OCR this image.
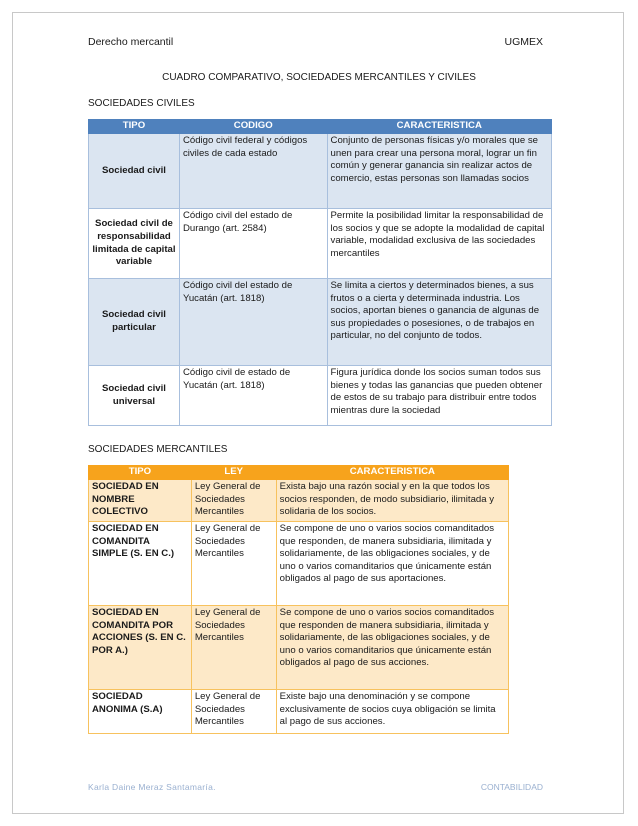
Derecho mercantil	UGMEX
CUADRO COMPARATIVO, SOCIEDADES MERCANTILES Y CIVILES
SOCIEDADES CIVILES
TIPO	CODIGO	CARACTERISTICA
Sociedad civil	Código civil federal y códigos civiles de cada estado	Conjunto de personas físicas y/o morales que se unen para crear una persona moral, lograr un fin común y generar ganancia sin realizar actos de comercio, estas personas son llamadas socios
Sociedad civil de responsabilidad limitada de capital variable	Código civil del estado de Durango (art. 2584)	Permite la posibilidad limitar la responsabilidad de los socios y que se adopte la modalidad de capital variable, modalidad exclusiva de las sociedades mercantiles
Sociedad civil particular	Código civil del estado de Yucatán (art. 1818)	Se limita a ciertos y determinados bienes, a sus frutos o a cierta y determinada industria. Los socios, aportan bienes o ganancia de algunas de sus propiedades o posesiones, o de trabajos en particular, no del conjunto de todos.
Sociedad civil universal	Código civil de estado de Yucatán (art. 1818)	Figura jurídica donde los socios suman todos sus bienes y todas las ganancias que pueden obtener de estos de su trabajo para distribuir entre todos mientras dure la sociedad
SOCIEDADES MERCANTILES
TIPO	LEY	CARACTERISTICA
SOCIEDAD EN NOMBRE COLECTIVO	Ley General de Sociedades Mercantiles	Exista bajo una razón social y en la que todos los socios responden, de modo subsidiario, ilimitada y solidaria de los socios.
SOCIEDAD EN COMANDITA SIMPLE (S. EN C.)	Ley General de Sociedades Mercantiles	Se compone de uno o varios socios comanditados que responden, de manera subsidiaria, ilimitada y solidariamente, de las obligaciones sociales, y de uno o varios comanditarios que únicamente están obligados al pago de sus aportaciones.
SOCIEDAD EN COMANDITA POR ACCIONES (S. EN C. POR A.)	Ley General de Sociedades Mercantiles	Se compone de uno o varios socios comanditados que responden de manera subsidiaria, ilimitada y solidariamente, de las obligaciones sociales, y de uno o varios comanditarios que únicamente están obligados al pago de sus acciones.
SOCIEDAD ANONIMA (S.A)	Ley General de Sociedades Mercantiles	Existe bajo una denominación y se compone exclusivamente de socios cuya obligación se limita al pago de sus acciones.
Karla Daine Meraz Santamaría.	CONTABILIDAD
